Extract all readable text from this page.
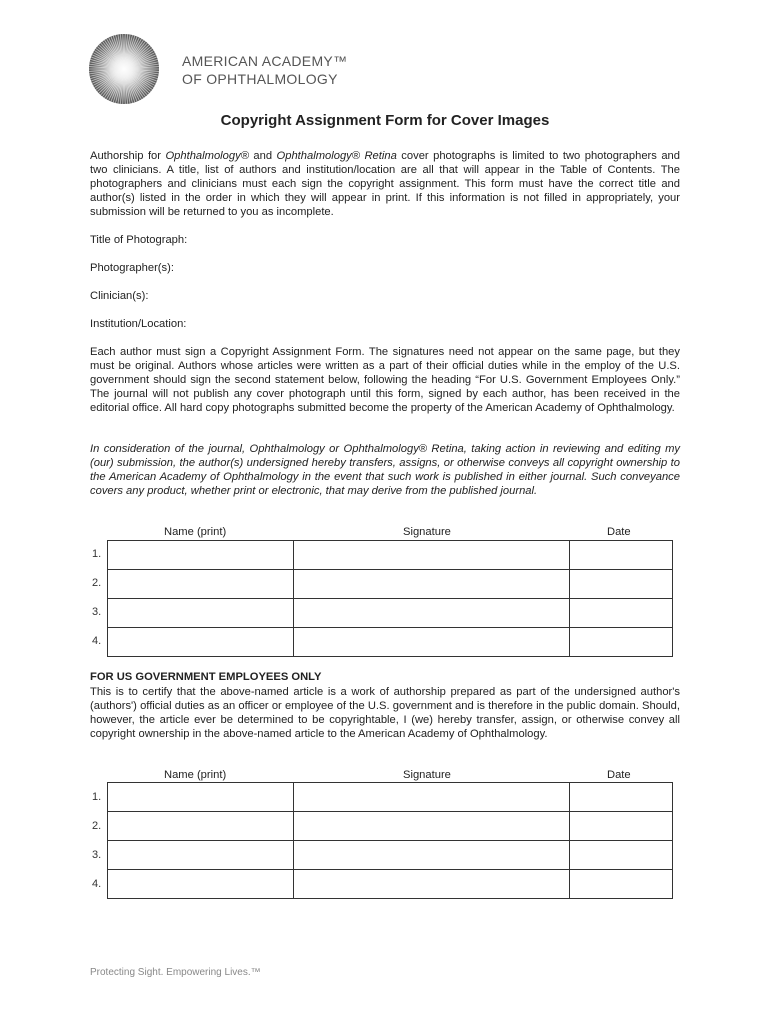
AMERICAN ACADEMY™
OF OPHTHALMOLOGY
Copyright Assignment Form for Cover Images
Authorship for Ophthalmology® and Ophthalmology® Retina cover photographs is limited to two photographers and two clinicians. A title, list of authors and institution/location are all that will appear in the Table of Contents. The photographers and clinicians must each sign the copyright assignment. This form must have the correct title and author(s) listed in the order in which they will appear in print. If this information is not filled in appropriately, your submission will be returned to you as incomplete.
Title of Photograph:
Photographer(s):
Clinician(s):
Institution/Location:
Each author must sign a Copyright Assignment Form. The signatures need not appear on the same page, but they must be original. Authors whose articles were written as a part of their official duties while in the employ of the U.S. government should sign the second statement below, following the heading “For U.S. Government Employees Only.” The journal will not publish any cover photograph until this form, signed by each author, has been received in the editorial office. All hard copy photographs submitted become the property of the American Academy of Ophthalmology.
In consideration of the journal, Ophthalmology or Ophthalmology® Retina, taking action in reviewing and editing my (our) submission, the author(s) undersigned hereby transfers, assigns, or otherwise conveys all copyright ownership to the American Academy of Ophthalmology in the event that such work is published in either journal. Such conveyance covers any product, whether print or electronic, that may derive from the published journal.
Name (print)	Signature	Date

1.
2.
3.
4.
FOR US GOVERNMENT EMPLOYEES ONLY
This is to certify that the above-named article is a work of authorship prepared as part of the undersigned author's (authors') official duties as an officer or employee of the U.S. government and is therefore in the public domain. Should, however, the article ever be determined to be copyrightable, I (we) hereby transfer, assign, or otherwise convey all copyright ownership in the above-named article to the American Academy of Ophthalmology.
Name (print)	Signature	Date

1.
2.
3.
4.
Protecting Sight. Empowering Lives.™
